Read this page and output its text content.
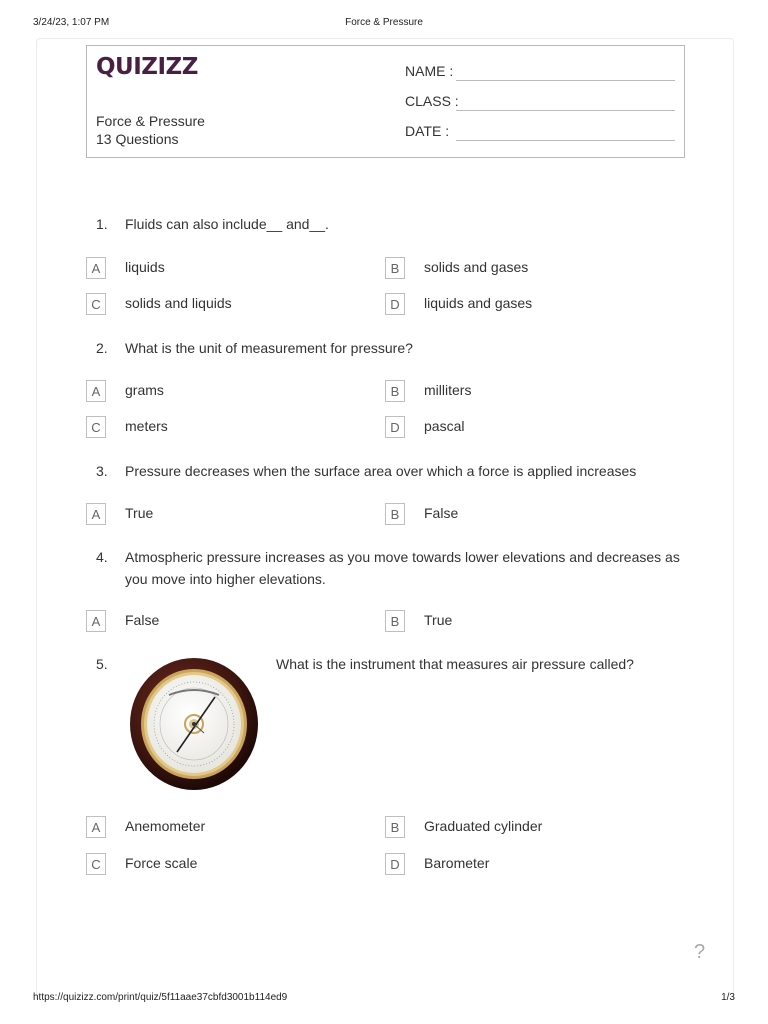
3/24/23, 1:07 PM	Force & Pressure
QUIZIZZ
Force & Pressure
13 Questions
NAME :
CLASS :
DATE :
1. Fluids can also include__ and__.
A	liquids	B	solids and gases
C	solids and liquids	D	liquids and gases
2. What is the unit of measurement for pressure?
A	grams	B	milliters
C	meters	D	pascal
3. Pressure decreases when the surface area over which a force is applied increases
A	True	B	False
4. Atmospheric pressure increases as you move towards lower elevations and decreases as you move into higher elevations.
A	False	B	True
5.	What is the instrument that measures air pressure called?
A	Anemometer	B	Graduated cylinder
C	Force scale	D	Barometer
?
https://quizizz.com/print/quiz/5f11aae37cbfd3001b114ed9	1/3
